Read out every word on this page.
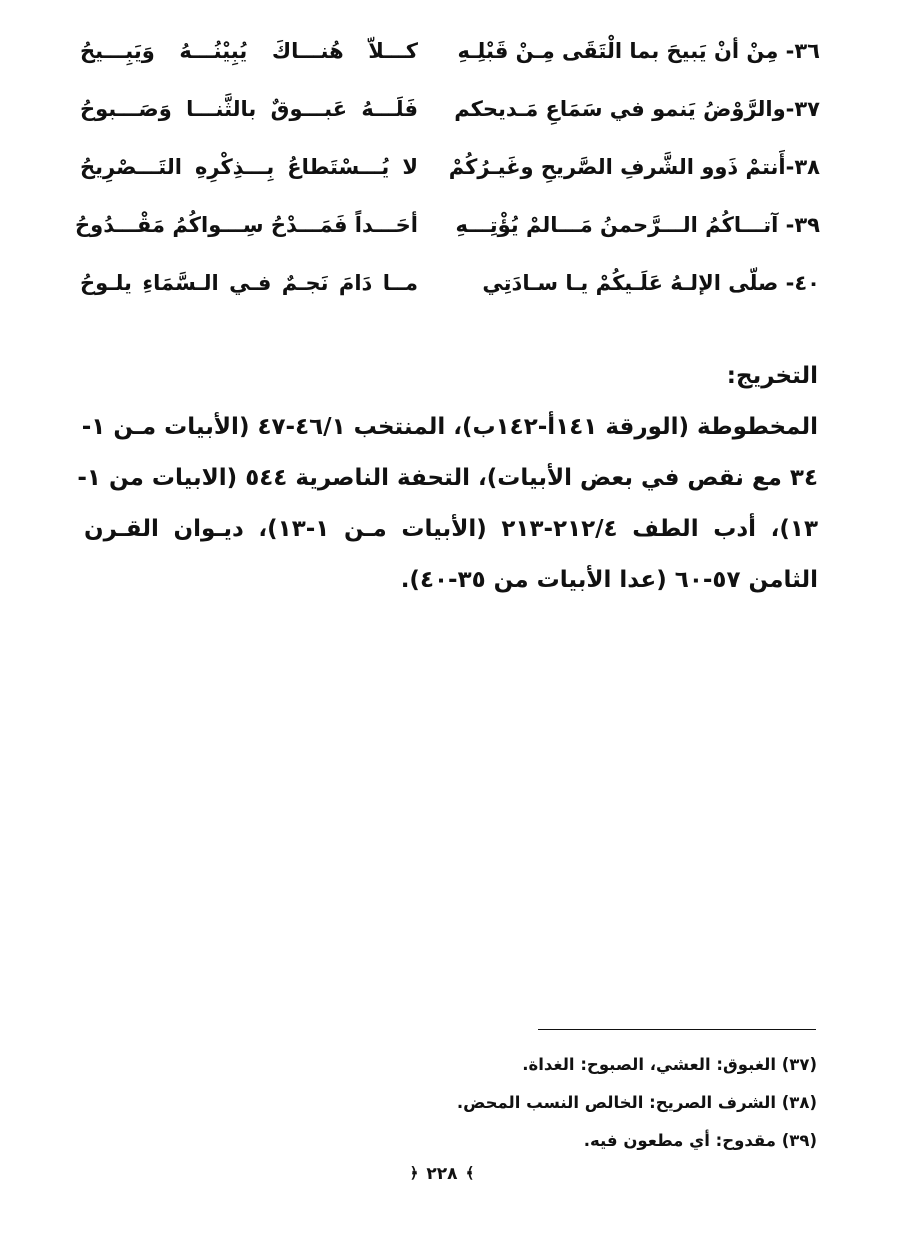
٣٦- مِنْ أنْ يَبيحَ بما الْتَقَى مِـنْ قَبْلِـهِ
كـــلاّ هُنـــاكَ يُبِيْنُـــهُ وَيَبِـــيحُ
٣٧-والرَّوْضُ يَنمو في سَمَاعِ مَـديحكم
فَلَـــهُ عَبـــوقٌ بالثَّنـــا وَصَـــبوحُ
٣٨-أَنتمْ ذَوو الشَّرفِ الصَّريحِ وغَيـرُكُمْ
لا يُـــسْتَطاعُ بِـــذِكْرِهِ التَـــصْرِيحُ
٣٩- آتـــاكُمُ الـــرَّحمنُ مَـــالمْ يُؤْتِـــهِ
أحَـــداً فَمَـــدْحُ سِـــواكُمُ مَقْـــدُوحُ
٤٠- صلّى الإلـهُ عَلَـيكُمْ يـا سـادَتِي
مــا دَامَ نَجـمٌ فـي الـسَّمَاءِ يلـوحُ
التخريج:
المخطوطة (الورقة ١٤١أ-١٤٢ب)، المنتخب ٤٦/١-٤٧ (الأبيات مـن ١-
٣٤ مع نقص في بعض الأبيات)، التحفة الناصرية ٥٤٤ (الابيات من ١-
١٣)، أدب الطف ٢١٢/٤-٢١٣ (الأبيات مـن ١-١٣)، ديـوان القـرن
الثامن ٥٧-٦٠ (عدا الأبيات من ٣٥-٤٠).
(٣٧) الغبوق: العشي، الصبوح: الغداة.
(٣٨) الشرف الصريح: الخالص النسب المحض.
(٣٩) مقدوح: أي مطعون فيه.
﴾٢٢٨﴿
